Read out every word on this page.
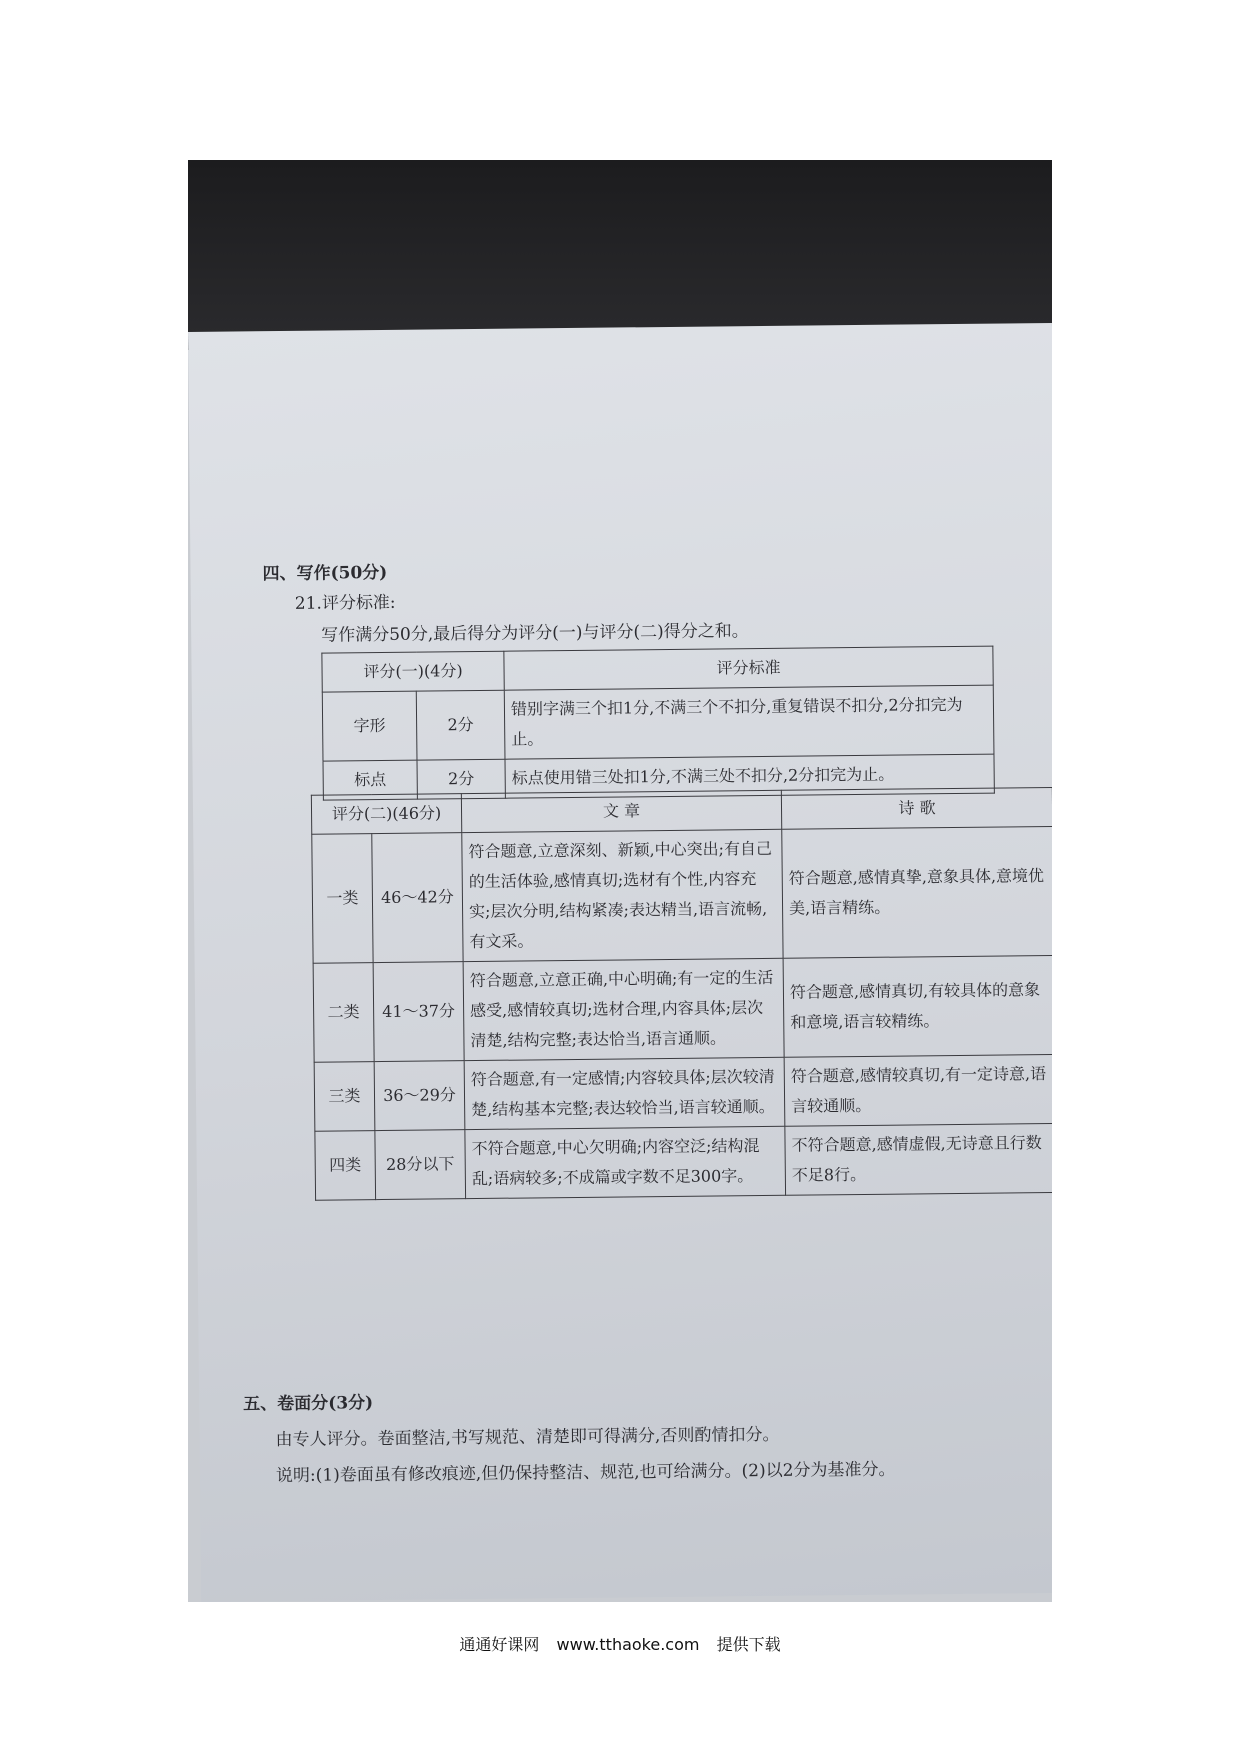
四、写作(50分)
21.评分标准:
写作满分50分,最后得分为评分(一)与评分(二)得分之和。
评分(一)(4分)		评分标准
字形	2分	错别字满三个扣1分,不满三个不扣分,重复错误不扣分,2分扣完为止。
标点	2分	标点使用错三处扣1分,不满三处不扣分,2分扣完为止。
评分(二)(46分)		文 章	诗 歌
一类	46～42分	符合题意,立意深刻、新颖,中心突出;有自己的生活体验,感情真切;选材有个性,内容充实;层次分明,结构紧凑;表达精当,语言流畅,有文采。	符合题意,感情真挚,意象具体,意境优美,语言精练。
二类	41～37分	符合题意,立意正确,中心明确;有一定的生活感受,感情较真切;选材合理,内容具体;层次清楚,结构完整;表达恰当,语言通顺。	符合题意,感情真切,有较具体的意象和意境,语言较精练。
三类	36～29分	符合题意,有一定感情;内容较具体;层次较清楚,结构基本完整;表达较恰当,语言较通顺。	符合题意,感情较真切,有一定诗意,语言较通顺。
四类	28分以下	不符合题意,中心欠明确;内容空泛;结构混乱;语病较多;不成篇或字数不足300字。	不符合题意,感情虚假,无诗意且行数不足8行。
五、卷面分(3分)
由专人评分。卷面整洁,书写规范、清楚即可得满分,否则酌情扣分。
说明:(1)卷面虽有修改痕迹,但仍保持整洁、规范,也可给满分。(2)以2分为基准分。
通通好课网 www.tthaoke.com 提供下载
